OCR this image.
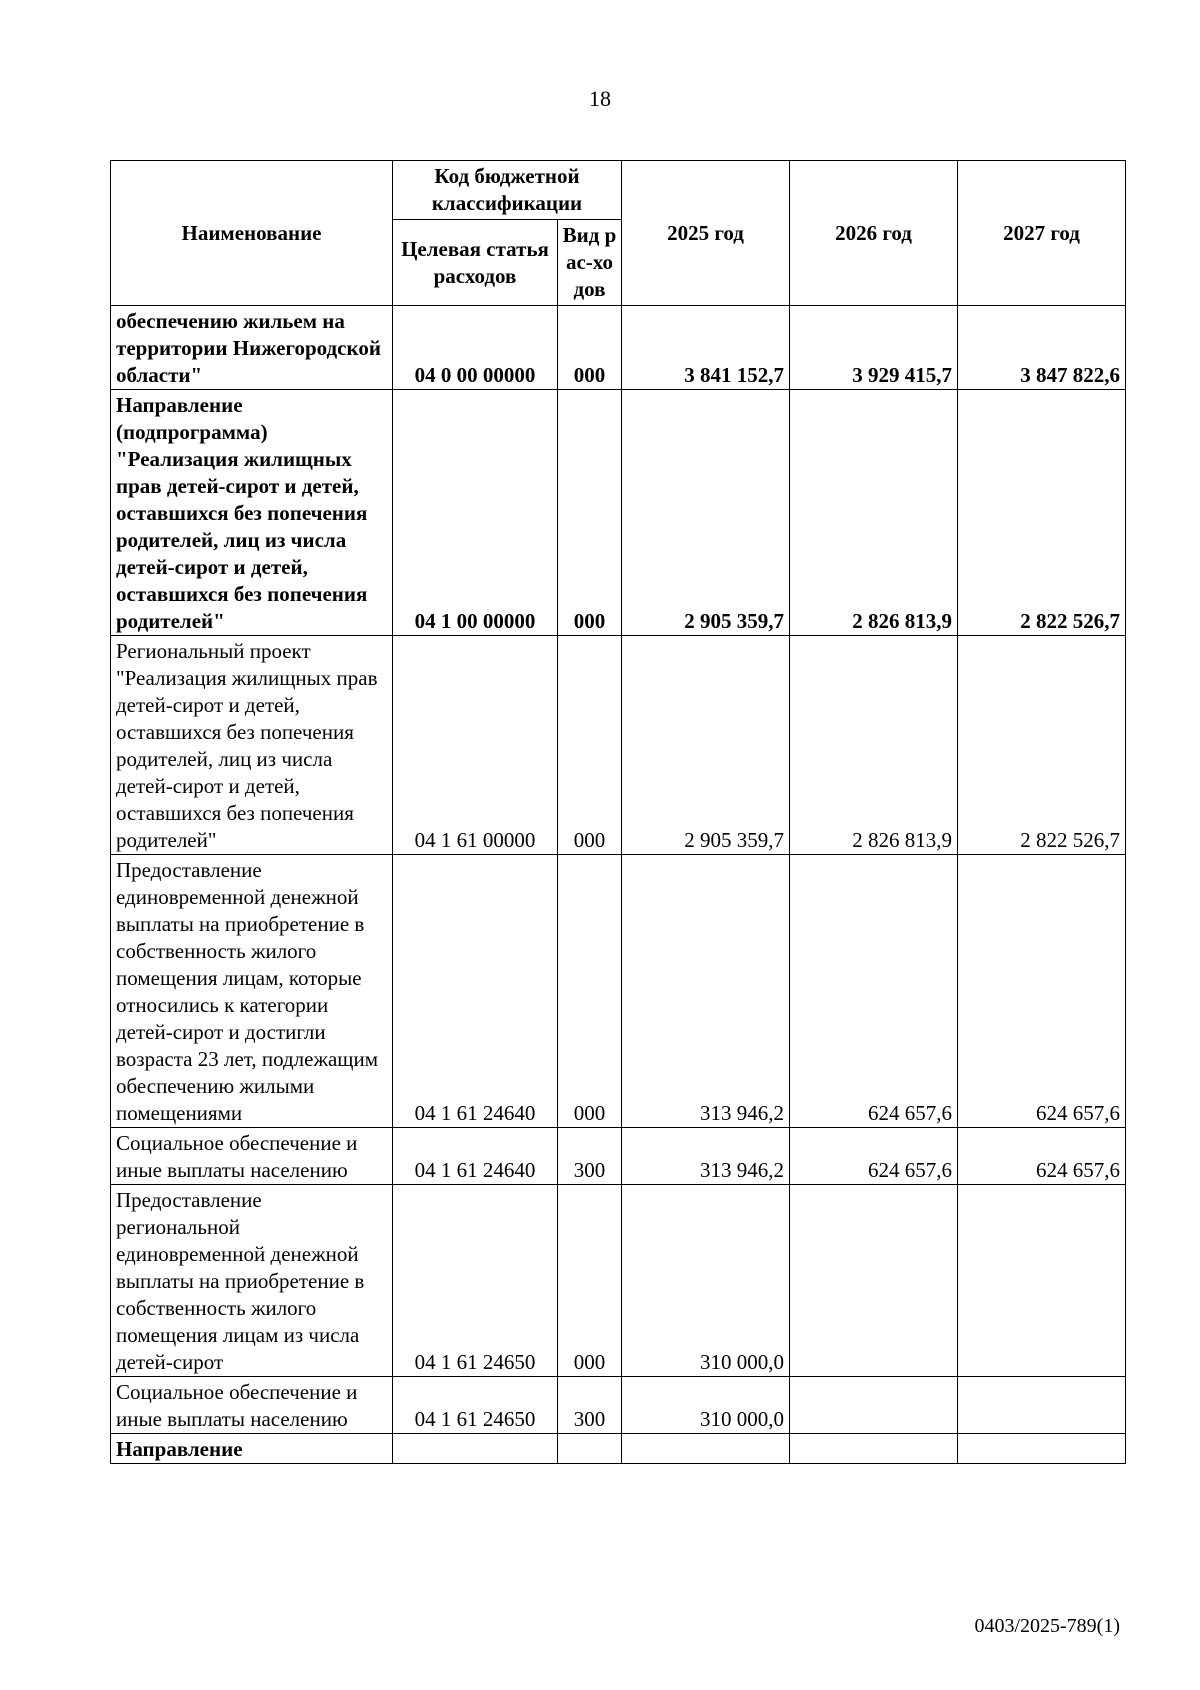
18
Наименование	Код бюджетной классификации		2025 год	2026 год	2027 год
	Целевая статья расходов	Вид рас-ходов			
обеспечению жильем на территории Нижегородской области"	04 0 00 00000	000	3 841 152,7	3 929 415,7	3 847 822,6
Направление (подпрограмма) "Реализация жилищных прав детей-сирот и детей, оставшихся без попечения родителей, лиц из числа детей-сирот и детей, оставшихся без попечения родителей"	04 1 00 00000	000	2 905 359,7	2 826 813,9	2 822 526,7
Региональный проект "Реализация жилищных прав детей-сирот и детей, оставшихся без попечения родителей, лиц из числа детей-сирот и детей, оставшихся без попечения родителей"	04 1 61 00000	000	2 905 359,7	2 826 813,9	2 822 526,7
Предоставление единовременной денежной выплаты на приобретение в собственность жилого помещения лицам, которые относились к категории детей-сирот и достигли возраста 23 лет, подлежащим обеспечению жилыми помещениями	04 1 61 24640	000	313 946,2	624 657,6	624 657,6
Социальное обеспечение и иные выплаты населению	04 1 61 24640	300	313 946,2	624 657,6	624 657,6
Предоставление региональной единовременной денежной выплаты на приобретение в собственность жилого помещения лицам из числа детей-сирот	04 1 61 24650	000	310 000,0		
Социальное обеспечение и иные выплаты населению	04 1 61 24650	300	310 000,0		
Направление					
0403/2025-789(1)
